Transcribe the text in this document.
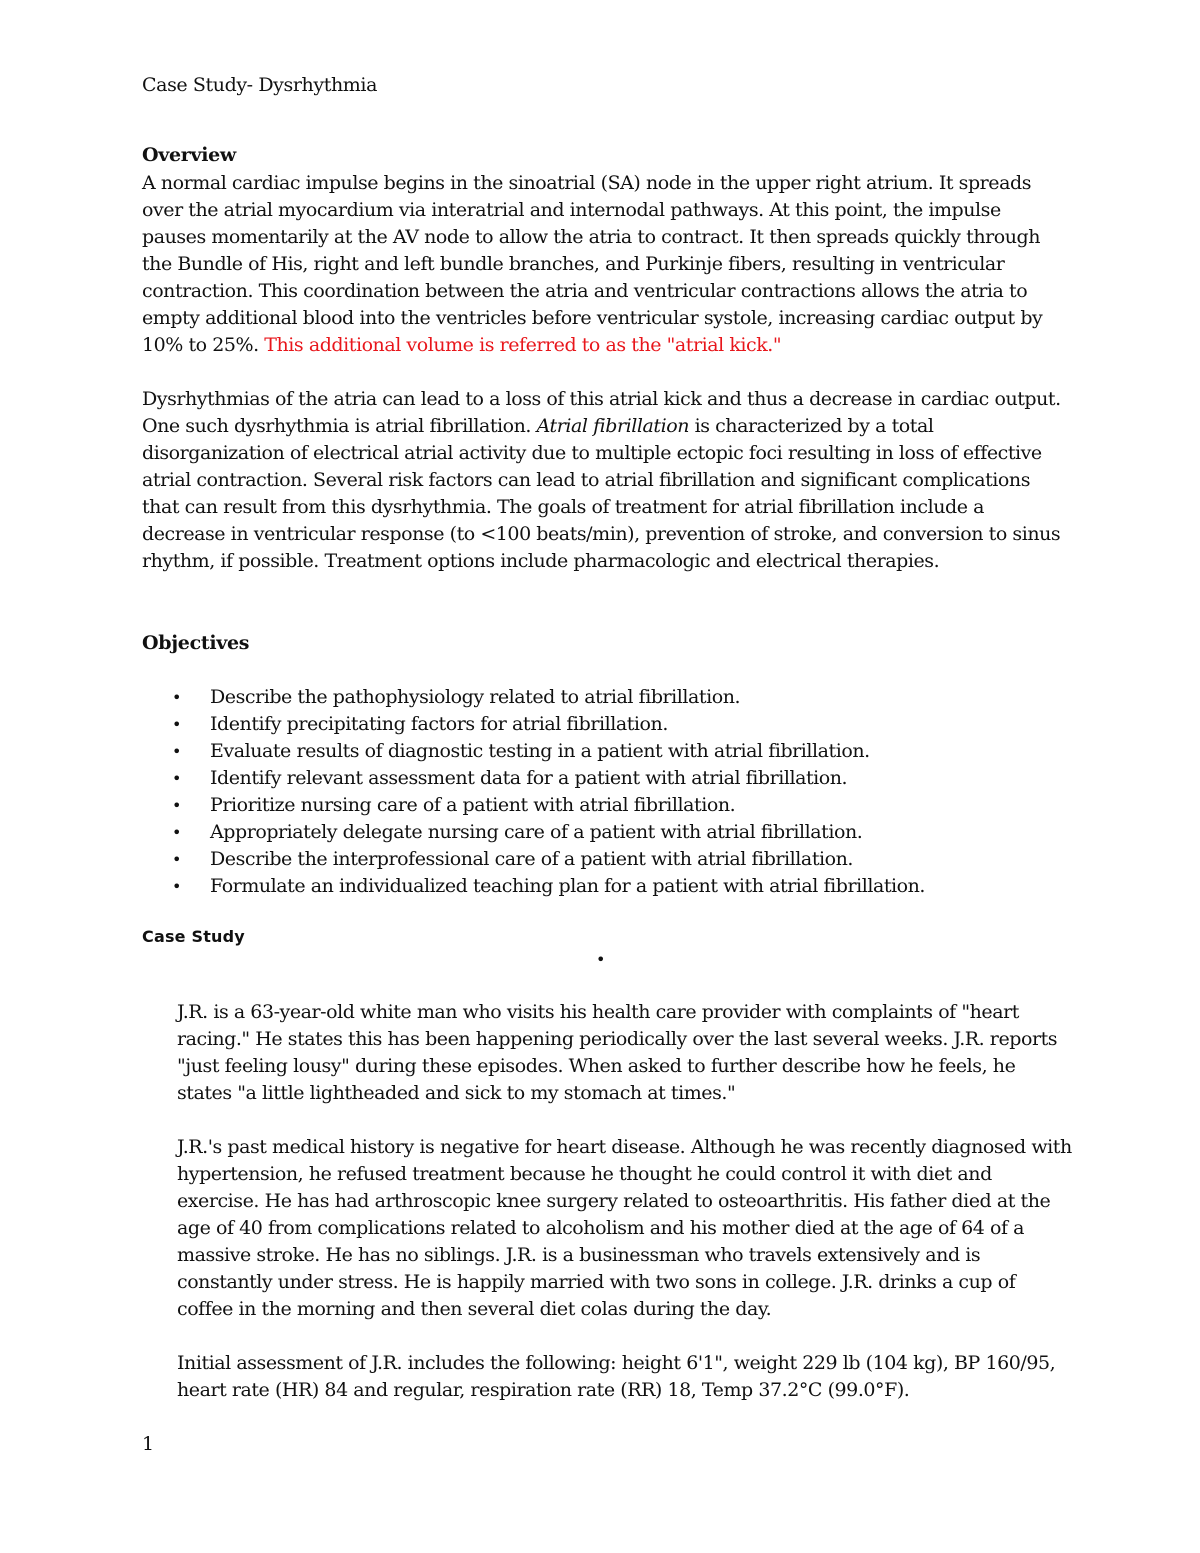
Case Study- Dysrhythmia
Overview

A normal cardiac impulse begins in the sinoatrial (SA) node in the upper right atrium. It spreads over the atrial myocardium via interatrial and internodal pathways. At this point, the impulse pauses momentarily at the AV node to allow the atria to contract. It then spreads quickly through the Bundle of His, right and left bundle branches, and Purkinje fibers, resulting in ventricular contraction. This coordination between the atria and ventricular contractions allows the atria to empty additional blood into the ventricles before ventricular systole, increasing cardiac output by 10% to 25%. This additional volume is referred to as the "atrial kick."

Dysrhythmias of the atria can lead to a loss of this atrial kick and thus a decrease in cardiac output. One such dysrhythmia is atrial fibrillation. Atrial fibrillation is characterized by a total disorganization of electrical atrial activity due to multiple ectopic foci resulting in loss of effective atrial contraction. Several risk factors can lead to atrial fibrillation and significant complications that can result from this dysrhythmia. The goals of treatment for atrial fibrillation include a decrease in ventricular response (to <100 beats/min), prevention of stroke, and conversion to sinus rhythm, if possible. Treatment options include pharmacologic and electrical therapies.

Objectives
• Describe the pathophysiology related to atrial fibrillation.
• Identify precipitating factors for atrial fibrillation.
• Evaluate results of diagnostic testing in a patient with atrial fibrillation.
• Identify relevant assessment data for a patient with atrial fibrillation.
• Prioritize nursing care of a patient with atrial fibrillation.
• Appropriately delegate nursing care of a patient with atrial fibrillation.
• Describe the interprofessional care of a patient with atrial fibrillation.
• Formulate an individualized teaching plan for a patient with atrial fibrillation.
Case Study
•

J.R. is a 63-year-old white man who visits his health care provider with complaints of "heart racing." He states this has been happening periodically over the last several weeks. J.R. reports "just feeling lousy" during these episodes. When asked to further describe how he feels, he states "a little lightheaded and sick to my stomach at times."

J.R.'s past medical history is negative for heart disease. Although he was recently diagnosed with hypertension, he refused treatment because he thought he could control it with diet and exercise. He has had arthroscopic knee surgery related to osteoarthritis. His father died at the age of 40 from complications related to alcoholism and his mother died at the age of 64 of a massive stroke. He has no siblings. J.R. is a businessman who travels extensively and is constantly under stress. He is happily married with two sons in college. J.R. drinks a cup of coffee in the morning and then several diet colas during the day.

Initial assessment of J.R. includes the following: height 6'1", weight 229 lb (104 kg), BP 160/95, heart rate (HR) 84 and regular, respiration rate (RR) 18, Temp 37.2°C (99.0°F).

1
